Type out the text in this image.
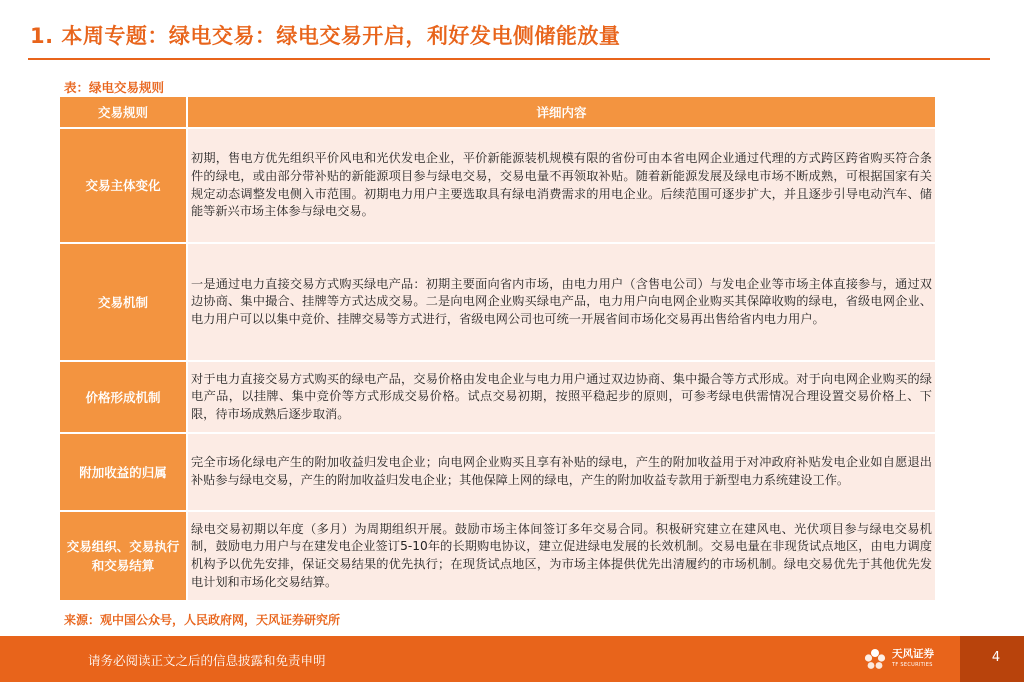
1. 本周专题：绿电交易：绿电交易开启，利好发电侧储能放量
表：绿电交易规则
交易规则	详细内容
交易主体变化	初期，售电方优先组织平价风电和光伏发电企业，平价新能源装机规模有限的省份可由本省电网企业通过代理的方式跨区跨省购买符合条件的绿电，或由部分带补贴的新能源项目参与绿电交易，交易电量不再领取补贴。随着新能源发展及绿电市场不断成熟，可根据国家有关规定动态调整发电侧入市范围。初期电力用户主要选取具有绿电消费需求的用电企业。后续范围可逐步扩大，并且逐步引导电动汽车、储能等新兴市场主体参与绿电交易。
交易机制	一是通过电力直接交易方式购买绿电产品：初期主要面向省内市场，由电力用户（含售电公司）与发电企业等市场主体直接参与，通过双边协商、集中撮合、挂牌等方式达成交易。二是向电网企业购买绿电产品，电力用户向电网企业购买其保障收购的绿电，省级电网企业、电力用户可以以集中竞价、挂牌交易等方式进行，省级电网公司也可统一开展省间市场化交易再出售给省内电力用户。
价格形成机制	对于电力直接交易方式购买的绿电产品，交易价格由发电企业与电力用户通过双边协商、集中撮合等方式形成。对于向电网企业购买的绿电产品，以挂牌、集中竞价等方式形成交易价格。试点交易初期，按照平稳起步的原则，可参考绿电供需情况合理设置交易价格上、下限，待市场成熟后逐步取消。
附加收益的归属	完全市场化绿电产生的附加收益归发电企业；向电网企业购买且享有补贴的绿电，产生的附加收益用于对冲政府补贴发电企业如自愿退出补贴参与绿电交易，产生的附加收益归发电企业；其他保障上网的绿电，产生的附加收益专款用于新型电力系统建设工作。
交易组织、交易执行和交易结算	绿电交易初期以年度（多月）为周期组织开展。鼓励市场主体间签订多年交易合同。积极研究建立在建风电、光伏项目参与绿电交易机制，鼓励电力用户与在建发电企业签订5-10年的长期购电协议，建立促进绿电发展的长效机制。交易电量在非现货试点地区，由电力调度机构予以优先安排，保证交易结果的优先执行；在现货试点地区，为市场主体提供优先出清履约的市场机制。绿电交易优先于其他优先发电计划和市场化交易结算。
来源：观中国公众号，人民政府网，天风证券研究所
请务必阅读正文之后的信息披露和免责申明	天风证券
TF SECURITIES	4
